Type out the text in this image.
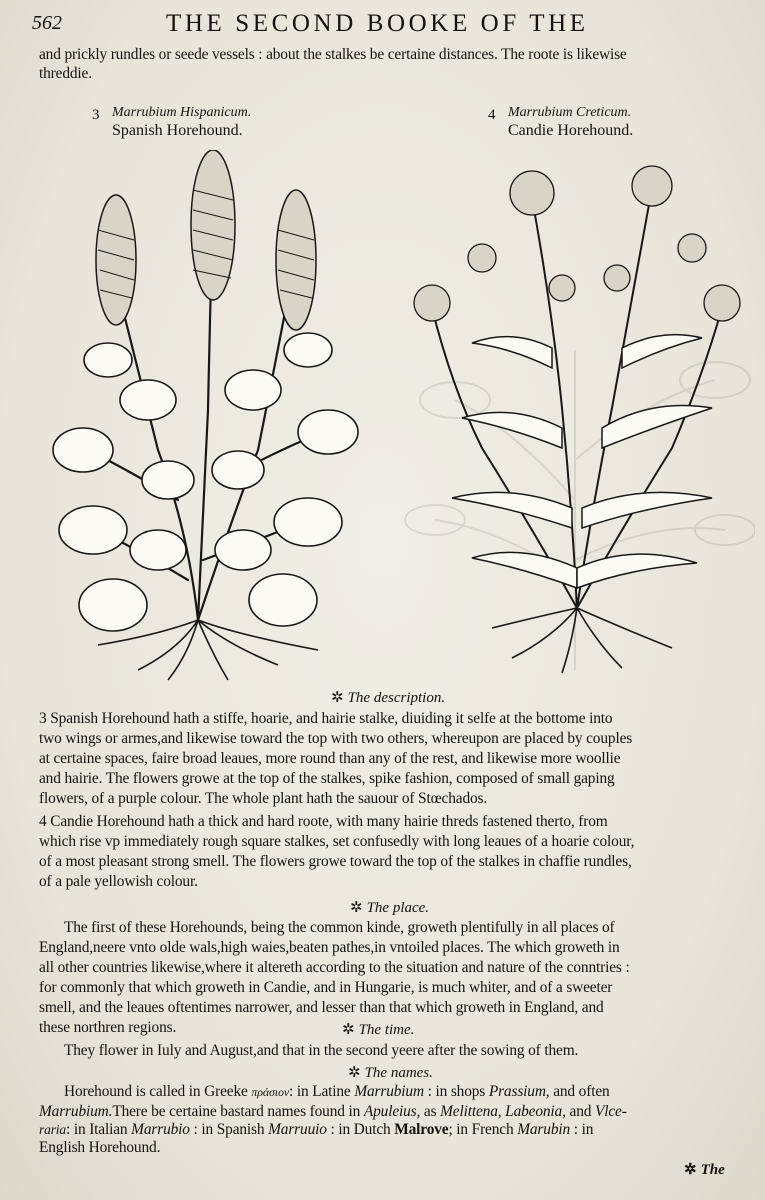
562	THE SECOND BOOKE OF THE

and prickly rundles or seede vessels : about the stalkes be certaine distances. The roote is likewise

threddie.

3 Marrubium Hispanicum.
Spanish Horehound.
4 Marrubium Creticum.
Candie Horehound.
✲ The description.

3 Spanish Horehound hath a stiffe, hoarie, and hairie stalke, diuiding it selfe at the bottome into

two wings or armes,and likewise toward the top with two others, whereupon are placed by couples

at certaine spaces, faire broad leaues, more round than any of the rest, and likewise more woollie

and hairie. The flowers growe at the top of the stalkes, spike fashion, composed of small gaping

flowers, of a purple colour. The whole plant hath the sauour of Stœchados.

4 Candie Horehound hath a thick and hard roote, with many hairie threds fastened therto, from

which rise vp immediately rough square stalkes, set confusedly with long leaues of a hoarie colour,

of a most pleasant strong smell. The flowers growe toward the top of the stalkes in chaffie rundles,

of a pale yellowish colour.

✲ The place.

The first of these Horehounds, being the common kinde, groweth plentifully in all places of

England,neere vnto olde wals,high waies,beaten pathes,in vntoiled places. The which groweth in

all other countries likewise,where it altereth according to the situation and nature of the conntries :

for commonly that which groweth in Candie, and in Hungarie, is much whiter, and of a sweeter

smell, and the leaues oftentimes narrower, and lesser than that which groweth in England, and

these northren regions.	✲ The time.

They flower in Iuly and August,and that in the second yeere after the sowing of them.

✲ The names.

Horehound is called in Greeke πράσιον: in Latine Marrubium : in shops Prassium, and often

Marrubium.There be certaine bastard names found in Apuleius, as Melittena, Labeonia, and Vlce-

raria: in Italian Marrubio : in Spanish Marruuio : in Dutch Malrove; in French Marubin : in

English Horehound.

✲ The
